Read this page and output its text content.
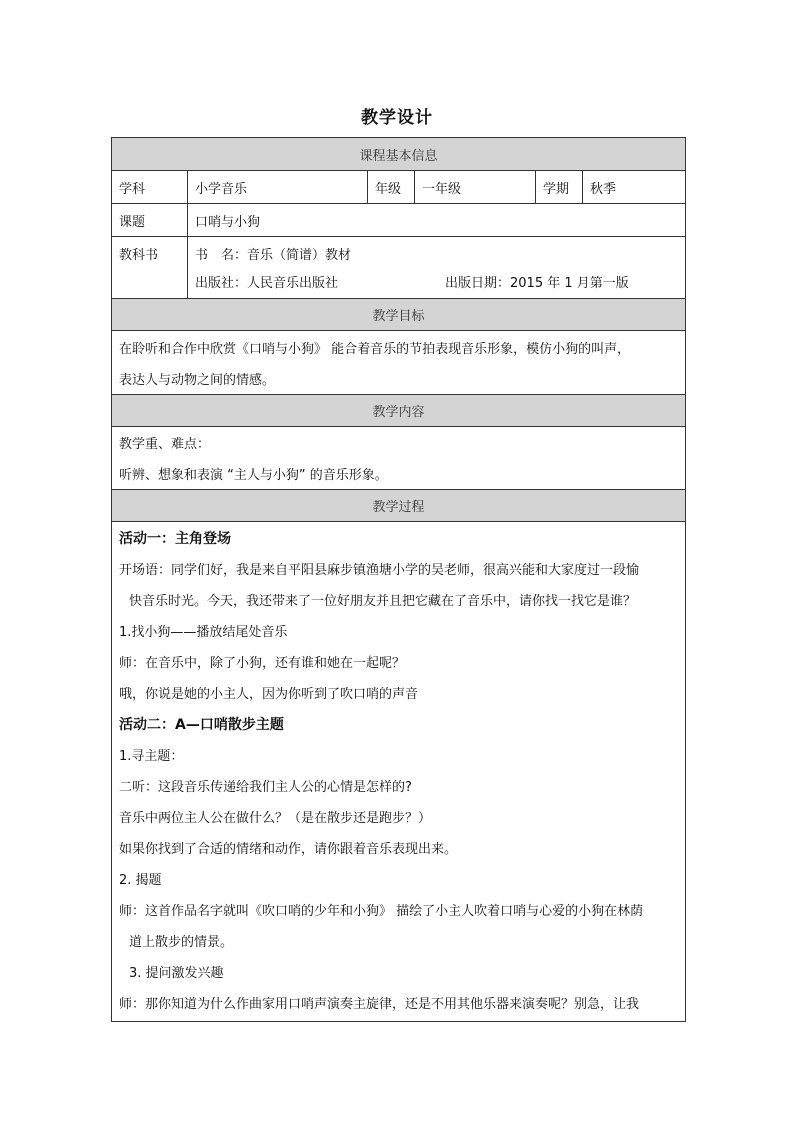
教学设计
课程基本信息
学科	小学音乐	年级	一年级	学期	秋季
课题	口哨与小狗
教科书	书　名：音乐（简谱）教材
出版社：人民音乐出版社	出版日期：2015 年 1 月第一版
教学目标
在聆听和合作中欣赏《口哨与小狗》 能合着音乐的节拍表现音乐形象，模仿小狗的叫声，
表达人与动物之间的情感。
教学内容
教学重、难点：
听辨、想象和表演 “主人与小狗” 的音乐形象。
教学过程
活动一：主角登场
开场语：同学们好，我是来自平阳县麻步镇渔塘小学的吴老师，很高兴能和大家度过一段愉
快音乐时光。今天，我还带来了一位好朋友并且把它藏在了音乐中，请你找一找它是谁？
1.找小狗——播放结尾处音乐
师：在音乐中，除了小狗，还有谁和她在一起呢？
哦，你说是她的小主人，因为你听到了吹口哨的声音
活动二：A—口哨散步主题
1.寻主题：
二听：这段音乐传递给我们主人公的心情是怎样的?
音乐中两位主人公在做什么？（是在散步还是跑步？）
如果你找到了合适的情绪和动作，请你跟着音乐表现出来。
2. 揭题
师：这首作品名字就叫《吹口哨的少年和小狗》 描绘了小主人吹着口哨与心爱的小狗在林荫
道上散步的情景。
3. 提问激发兴趣
师：那你知道为什么作曲家用口哨声演奏主旋律，还是不用其他乐器来演奏呢？别急，让我
